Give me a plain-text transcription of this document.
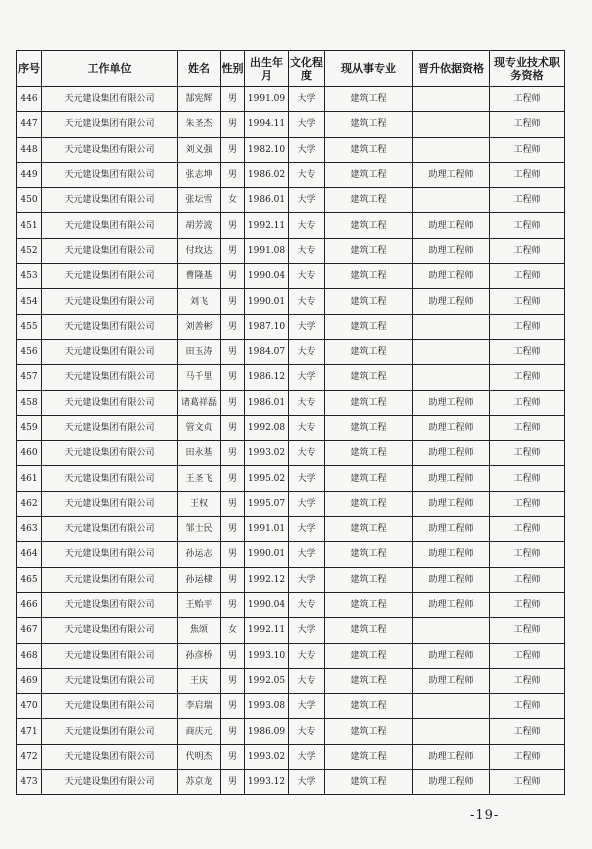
序号	工作单位	姓名	性别	出生年月	文化程度	现从事专业	晋升依据资格	现专业技术职务资格
446	天元建设集团有限公司	郜宪辉	男	1991.09	大学	建筑工程		工程师
447	天元建设集团有限公司	朱圣杰	男	1994.11	大学	建筑工程		工程师
448	天元建设集团有限公司	刘义强	男	1982.10	大学	建筑工程		工程师
449	天元建设集团有限公司	张志坤	男	1986.02	大专	建筑工程	助理工程师	工程师
450	天元建设集团有限公司	张坛雪	女	1986.01	大学	建筑工程		工程师
451	天元建设集团有限公司	胡芳波	男	1992.11	大专	建筑工程	助理工程师	工程师
452	天元建设集团有限公司	付玫达	男	1991.08	大专	建筑工程	助理工程师	工程师
453	天元建设集团有限公司	曹隆基	男	1990.04	大专	建筑工程	助理工程师	工程师
454	天元建设集团有限公司	刘飞	男	1990.01	大专	建筑工程	助理工程师	工程师
455	天元建设集团有限公司	刘善彬	男	1987.10	大学	建筑工程		工程师
456	天元建设集团有限公司	田玉涛	男	1984.07	大专	建筑工程		工程师
457	天元建设集团有限公司	马千里	男	1986.12	大学	建筑工程		工程师
458	天元建设集团有限公司	诸葛祥磊	男	1986.01	大专	建筑工程	助理工程师	工程师
459	天元建设集团有限公司	管文贞	男	1992.08	大专	建筑工程	助理工程师	工程师
460	天元建设集团有限公司	田永基	男	1993.02	大专	建筑工程	助理工程师	工程师
461	天元建设集团有限公司	王圣飞	男	1995.02	大学	建筑工程	助理工程师	工程师
462	天元建设集团有限公司	王权	男	1995.07	大学	建筑工程	助理工程师	工程师
463	天元建设集团有限公司	邹士民	男	1991.01	大学	建筑工程	助理工程师	工程师
464	天元建设集团有限公司	孙运志	男	1990.01	大学	建筑工程	助理工程师	工程师
465	天元建设集团有限公司	孙运棣	男	1992.12	大学	建筑工程	助理工程师	工程师
466	天元建设集团有限公司	王贻平	男	1990.04	大专	建筑工程	助理工程师	工程师
467	天元建设集团有限公司	焦颂	女	1992.11	大学	建筑工程		工程师
468	天元建设集团有限公司	孙彦桥	男	1993.10	大专	建筑工程	助理工程师	工程师
469	天元建设集团有限公司	王庆	男	1992.05	大专	建筑工程	助理工程师	工程师
470	天元建设集团有限公司	李启瑞	男	1993.08	大学	建筑工程		工程师
471	天元建设集团有限公司	商庆元	男	1986.09	大专	建筑工程		工程师
472	天元建设集团有限公司	代明杰	男	1993.02	大学	建筑工程	助理工程师	工程师
473	天元建设集团有限公司	苏京龙	男	1993.12	大学	建筑工程	助理工程师	工程师
-19-
